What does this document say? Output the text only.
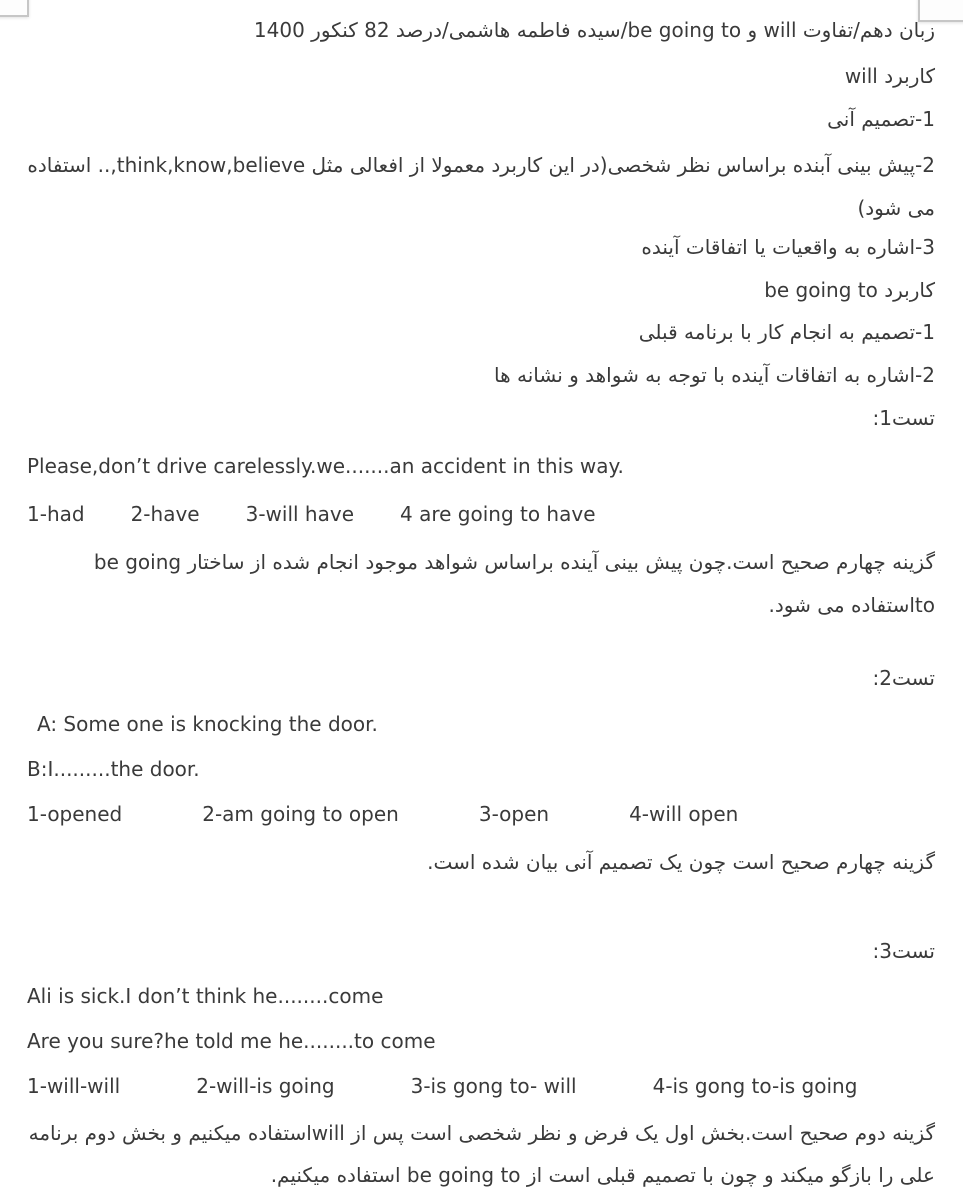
زبان دهم/تفاوت will و be going to/سیده فاطمه هاشمی/درصد 82 کنکور 1400
کاربرد will
1-تصمیم آنی
2-پیش بینی آبنده براساس نظر شخصی(در این کاربرد معمولا از افعالی مثل think,know,believe,.. استفاده می شود)
3-اشاره به واقعیات یا اتفاقات آینده
کاربرد be going to
1-تصمیم به انجام کار با برنامه قبلی
2-اشاره به اتفاقات آینده با توجه به شواهد و نشانه ها
تست1:
Please,don’t drive carelessly.we.......an accident in this way.
1-had 2-have 3-will have 4 are going to have
گزینه چهارم صحیح است.چون پیش بینی آینده براساس شواهد موجود انجام شده از ساختار be going toاستفاده می شود.
تست2:
A: Some one is knocking the door.
B:I.........the door.
1-opened	2-am going to open	3-open	4-will open
گزینه چهارم صحیح است چون یک تصمیم آنی بیان شده است.
تست3:
Ali is sick.I don’t think he........come
Are you sure?he told me he........to come
1-will-will	2-will-is going	3-is gong to- will	4-is gong to-is going
گزینه دوم صحیح است.بخش اول یک فرض و نظر شخصی است پس از willاستفاده میکنیم و بخش دوم برنامه علی را بازگو میکند و چون با تصمیم قبلی است از be going to استفاده میکنیم.
